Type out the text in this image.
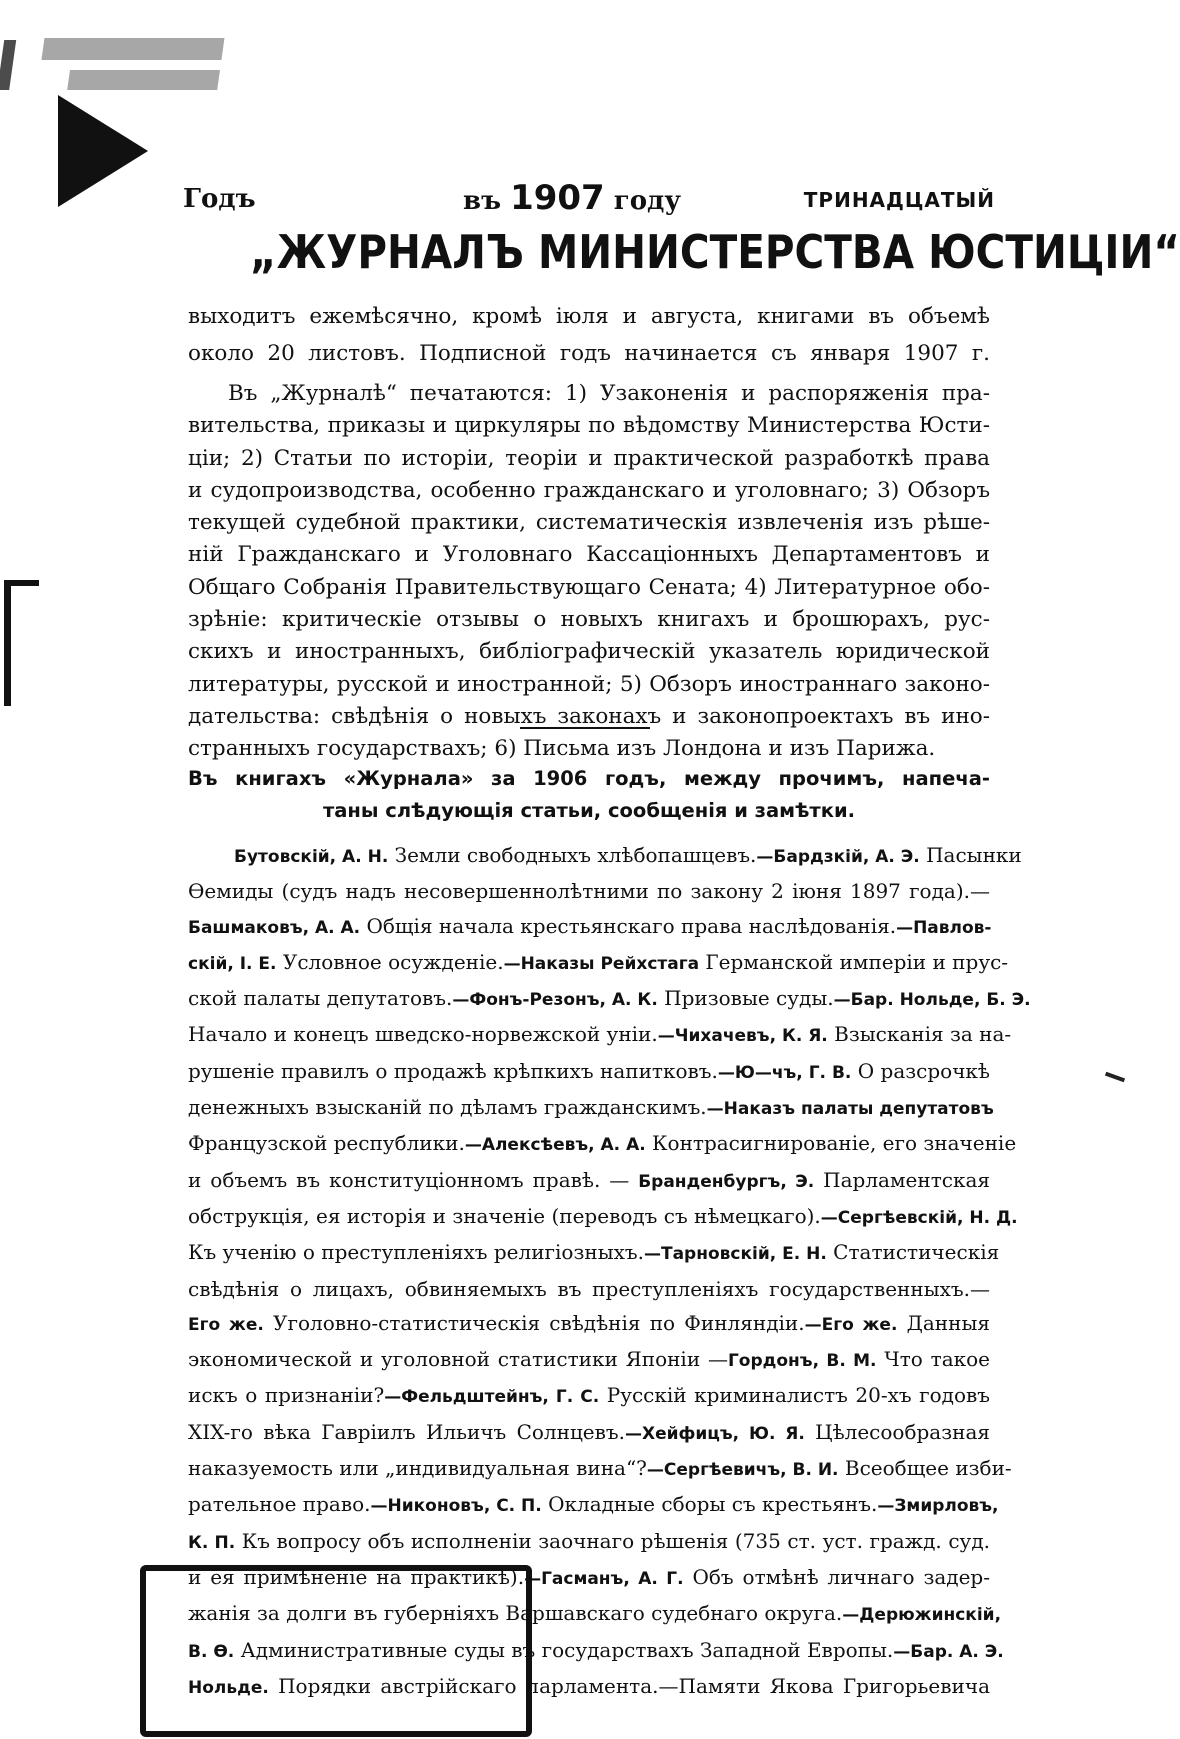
Годъ	въ 1907 году	ТРИНАДЦАТЫЙ
„ЖУРНАЛЪ МИНИСТЕРСТВА ЮСТИЦІИ“
выходитъ ежемѣсячно, кромѣ іюля и августа, книгами въ объемѣ
около 20 листовъ. Подписной годъ начинается съ января 1907 г.
Въ „Журналѣ“ печатаются: 1) Узаконенія и распоряженія пра-
вительства, приказы и циркуляры по вѣдомству Министерства Юсти-
ціи; 2) Статьи по исторіи, теоріи и практической разработкѣ права
и судопроизводства, особенно гражданскаго и уголовнаго; 3) Обзоръ
текущей судебной практики, систематическія извлеченія изъ рѣше-
ній Гражданскаго и Уголовнаго Кассаціонныхъ Департаментовъ и
Общаго Собранія Правительствующаго Сената; 4) Литературное обо-
зрѣніе: критическіе отзывы о новыхъ книгахъ и брошюрахъ, рус-
скихъ и иностранныхъ, библіографическій указатель юридической
литературы, русской и иностранной; 5) Обзоръ иностраннаго законо-
дательства: свѣдѣнія о новыхъ законахъ и законопроектахъ въ ино-
странныхъ государствахъ; 6) Письма изъ Лондона и изъ Парижа.
Въ книгахъ «Журнала» за 1906 годъ, между прочимъ, напеча-
таны слѣдующія статьи, сообщенія и замѣтки.
Бутовскій, А. Н. Земли свободныхъ хлѣбопашцевъ.—Бардзкій, А. Э. Пасынки
Өемиды (судъ надъ несовершеннолѣтними по закону 2 іюня 1897 года).—
Башмаковъ, А. А. Общія начала крестьянскаго права наслѣдованія.—Павлов-
скій, І. Е. Условное осужденіе.—Наказы Рейхстага Германской имперіи и прус-
ской палаты депутатовъ.—Фонъ-Резонъ, А. К. Призовые суды.—Бар. Нольде, Б. Э.
Начало и конецъ шведско-норвежской уніи.—Чихачевъ, К. Я. Взысканія за на-
рушеніе правилъ о продажѣ крѣпкихъ напитковъ.—Ю—чъ, Г. В. О разсрочкѣ
денежныхъ взысканій по дѣламъ гражданскимъ.—Наказъ палаты депутатовъ
Французской республики.—Алексѣевъ, А. А. Контрасигнированіе, его значеніе
и объемъ въ конституціонномъ правѣ. — Бранденбургъ, Э. Парламентская
обструкція, ея исторія и значеніе (переводъ съ нѣмецкаго).—Сергѣевскій, Н. Д.
Къ ученію о преступленіяхъ религіозныхъ.—Тарновскій, Е. Н. Статистическія
свѣдѣнія о лицахъ, обвиняемыхъ въ преступленіяхъ государственныхъ.—
Его же. Уголовно-статистическія свѣдѣнія по Финляндіи.—Его же. Данныя
экономической и уголовной статистики Японіи —Гордонъ, В. М. Что такое
искъ о признаніи?—Фельдштейнъ, Г. С. Русскій криминалистъ 20-хъ годовъ
XIX-го вѣка Гаврiилъ Ильичъ Солнцевъ.—Хейфицъ, Ю. Я. Цѣлесообразная
наказуемость или „индивидуальная вина“?—Сергѣевичъ, В. И. Всеобщее изби-
рательное право.—Никоновъ, С. П. Окладные сборы съ крестьянъ.—Змирловъ,
К. П. Къ вопросу объ исполненіи заочнаго рѣшенія (735 ст. уст. гражд. суд.
и ея примѣненіе на практикѣ).—Гасманъ, А. Г. Объ отмѣнѣ личнаго задер-
жанія за долги въ губерніяхъ Варшавскаго судебнаго округа.—Дерюжинскій,
В. Ө. Административные суды въ государствахъ Западной Европы.—Бар. А. Э.
Нольде. Порядки австрійскаго парламента.—Памяти Якова Григорьевича
